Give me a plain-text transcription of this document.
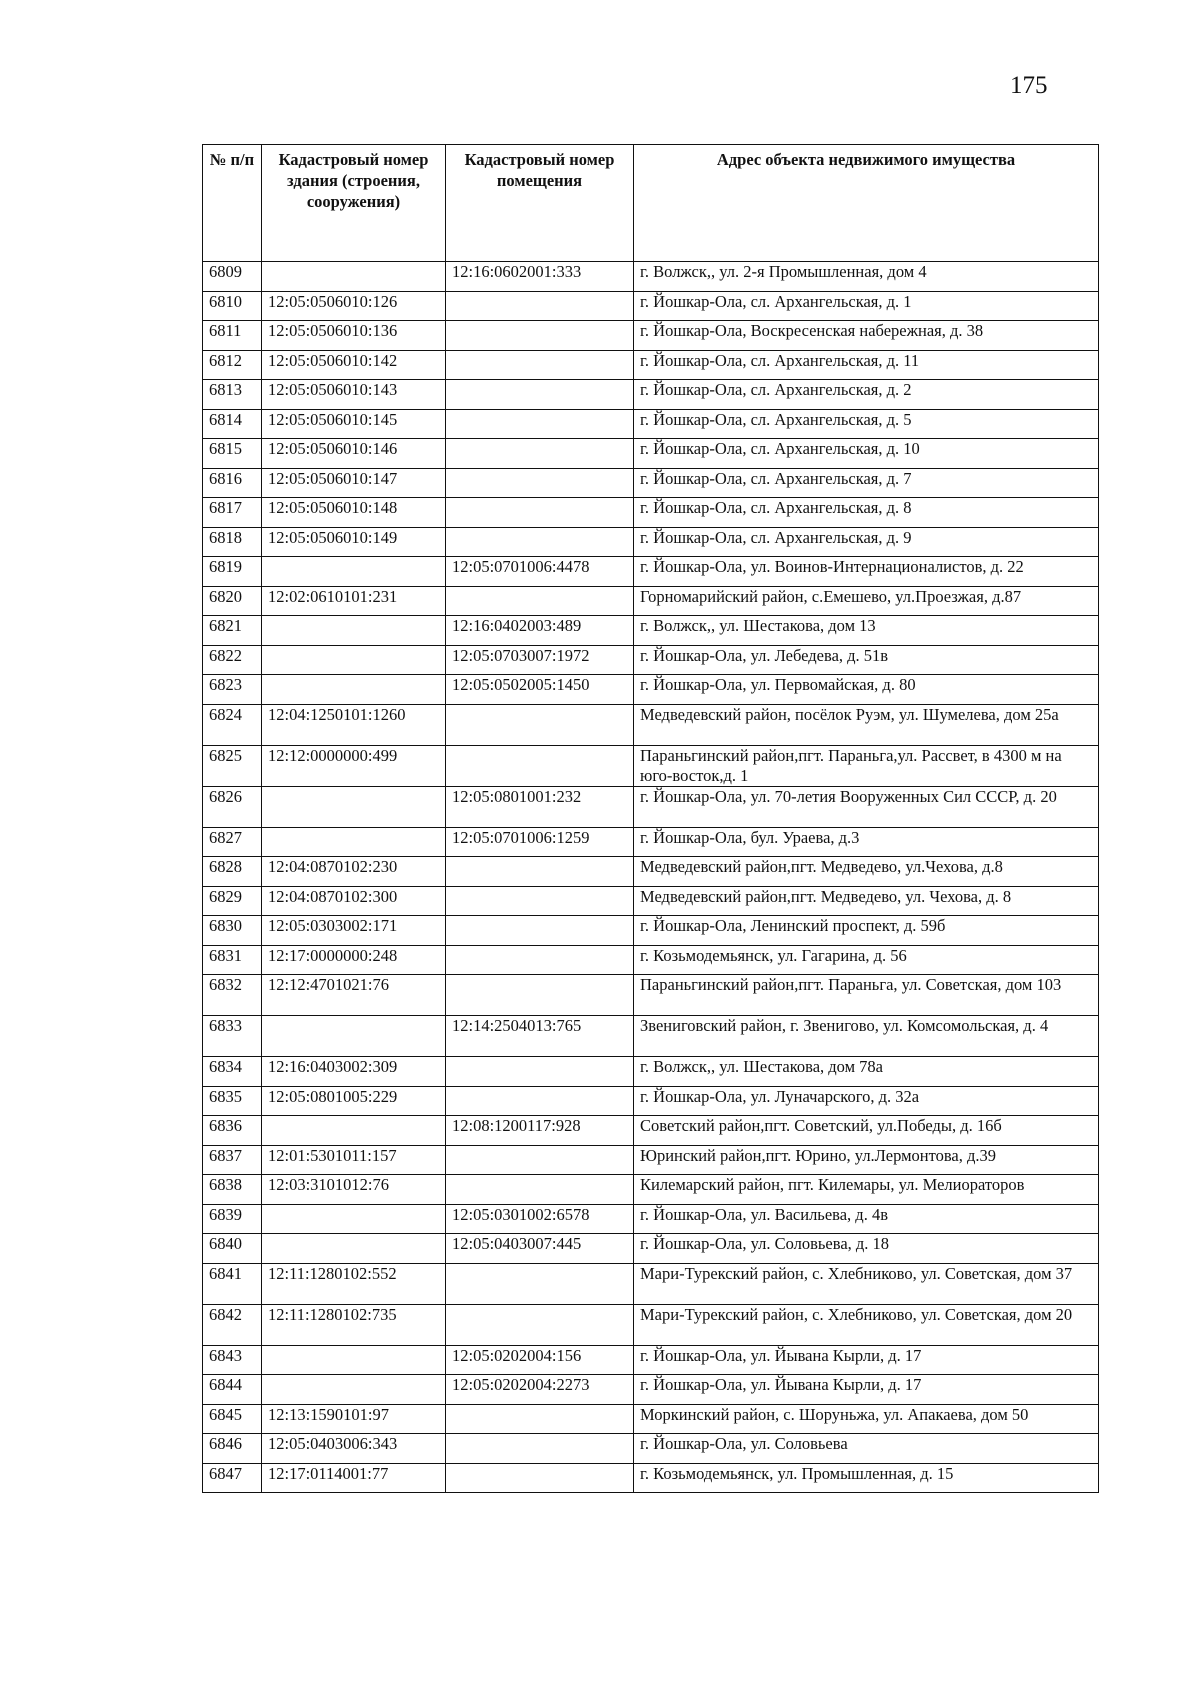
175
№ п/п	Кадастровый номер здания (строения, сооружения)	Кадастровый номер помещения	Адрес объекта недвижимого имущества
6809		12:16:0602001:333	г. Волжск,, ул. 2-я Промышленная, дом 4
6810	12:05:0506010:126		г. Йошкар-Ола, сл. Архангельская, д. 1
6811	12:05:0506010:136		г. Йошкар-Ола, Воскресенская набережная, д. 38
6812	12:05:0506010:142		г. Йошкар-Ола, сл. Архангельская, д. 11
6813	12:05:0506010:143		г. Йошкар-Ола, сл. Архангельская, д. 2
6814	12:05:0506010:145		г. Йошкар-Ола, сл. Архангельская, д. 5
6815	12:05:0506010:146		г. Йошкар-Ола, сл. Архангельская, д. 10
6816	12:05:0506010:147		г. Йошкар-Ола, сл. Архангельская, д. 7
6817	12:05:0506010:148		г. Йошкар-Ола, сл. Архангельская, д. 8
6818	12:05:0506010:149		г. Йошкар-Ола, сл. Архангельская, д. 9
6819		12:05:0701006:4478	г. Йошкар-Ола, ул. Воинов-Интернационалистов, д. 22
6820	12:02:0610101:231		Горномарийский район, с.Емешево, ул.Проезжая, д.87
6821		12:16:0402003:489	г. Волжск,, ул. Шестакова, дом 13
6822		12:05:0703007:1972	г. Йошкар-Ола, ул. Лебедева, д. 51в
6823		12:05:0502005:1450	г. Йошкар-Ола, ул. Первомайская, д. 80
6824	12:04:1250101:1260		Медведевский район, посёлок Руэм, ул. Шумелева, дом 25а
6825	12:12:0000000:499		Параньгинский район,пгт. Параньга,ул. Рассвет, в 4300 м на юго-восток,д. 1
6826		12:05:0801001:232	г. Йошкар-Ола, ул. 70-летия Вооруженных Сил СССР, д. 20
6827		12:05:0701006:1259	г. Йошкар-Ола, бул. Ураева, д.3
6828	12:04:0870102:230		Медведевский район,пгт. Медведево, ул.Чехова, д.8
6829	12:04:0870102:300		Медведевский район,пгт. Медведево, ул. Чехова, д. 8
6830	12:05:0303002:171		г. Йошкар-Ола, Ленинский проспект, д. 59б
6831	12:17:0000000:248		г. Козьмодемьянск, ул. Гагарина, д. 56
6832	12:12:4701021:76		Параньгинский район,пгт. Параньга, ул. Советская, дом 103
6833		12:14:2504013:765	Звениговский район, г. Звенигово, ул. Комсомольская, д. 4
6834	12:16:0403002:309		г. Волжск,, ул. Шестакова, дом 78а
6835	12:05:0801005:229		г. Йошкар-Ола, ул. Луначарского, д. 32а
6836		12:08:1200117:928	Советский район,пгт. Советский, ул.Победы, д. 16б
6837	12:01:5301011:157		Юринский район,пгт. Юрино, ул.Лермонтова, д.39
6838	12:03:3101012:76		Килемарский район, пгт. Килемары, ул. Мелиораторов
6839		12:05:0301002:6578	г. Йошкар-Ола, ул. Васильева, д. 4в
6840		12:05:0403007:445	г. Йошкар-Ола, ул. Соловьева, д. 18
6841	12:11:1280102:552		Мари-Турекский район, с. Хлебниково, ул. Советская, дом 37
6842	12:11:1280102:735		Мари-Турекский район, с. Хлебниково, ул. Советская, дом 20
6843		12:05:0202004:156	г. Йошкар-Ола, ул. Йывана Кырли, д. 17
6844		12:05:0202004:2273	г. Йошкар-Ола, ул. Йывана Кырли, д. 17
6845	12:13:1590101:97		Моркинский район, с. Шоруньжа, ул. Апакаева, дом 50
6846	12:05:0403006:343		г. Йошкар-Ола, ул. Соловьева
6847	12:17:0114001:77		г. Козьмодемьянск, ул. Промышленная, д. 15
